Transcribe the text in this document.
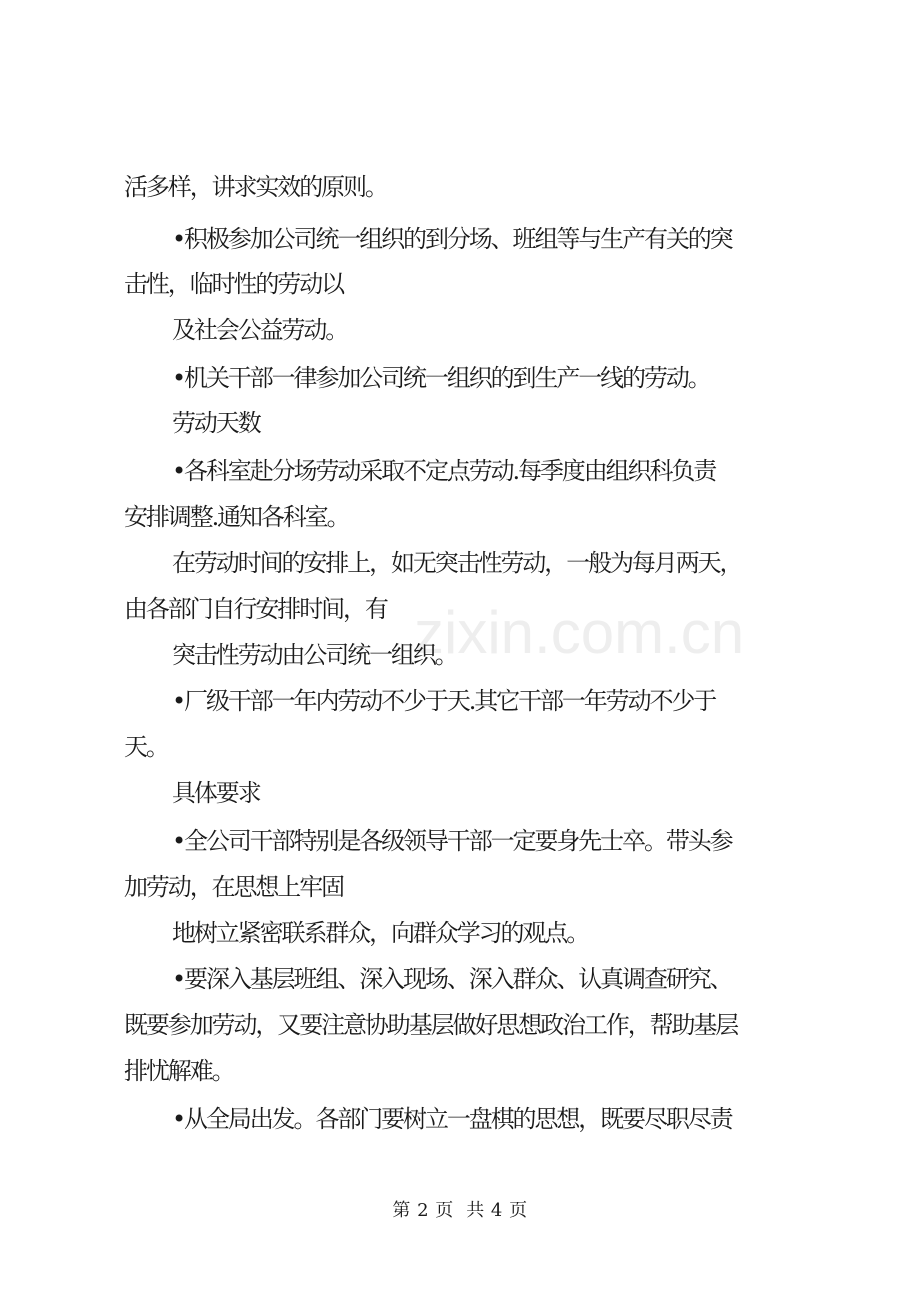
zixin.com.cn
活多样，讲求实效的原则。
•积极参加公司统一组织的到分场、班组等与生产有关的突
击性，临时性的劳动以
及社会公益劳动。
•机关干部一律参加公司统一组织的到生产一线的劳动。
劳动天数
•各科室赴分场劳动采取不定点劳动.每季度由组织科负责
安排调整.通知各科室。
在劳动时间的安排上，如无突击性劳动，一般为每月两天，
由各部门自行安排时间，有
突击性劳动由公司统一组织。
•厂级干部一年内劳动不少于天.其它干部一年劳动不少于
天。
具体要求
•全公司干部特别是各级领导干部一定要身先士卒。带头参
加劳动，在思想上牢固
地树立紧密联系群众，向群众学习的观点。
•要深入基层班组、深入现场、深入群众、认真调查研究、
既要参加劳动，又要注意协助基层做好思想政治工作，帮助基层
排忧解难。
•从全局出发。各部门要树立一盘棋的思想，既要尽职尽责
第 2 页  共 4 页
